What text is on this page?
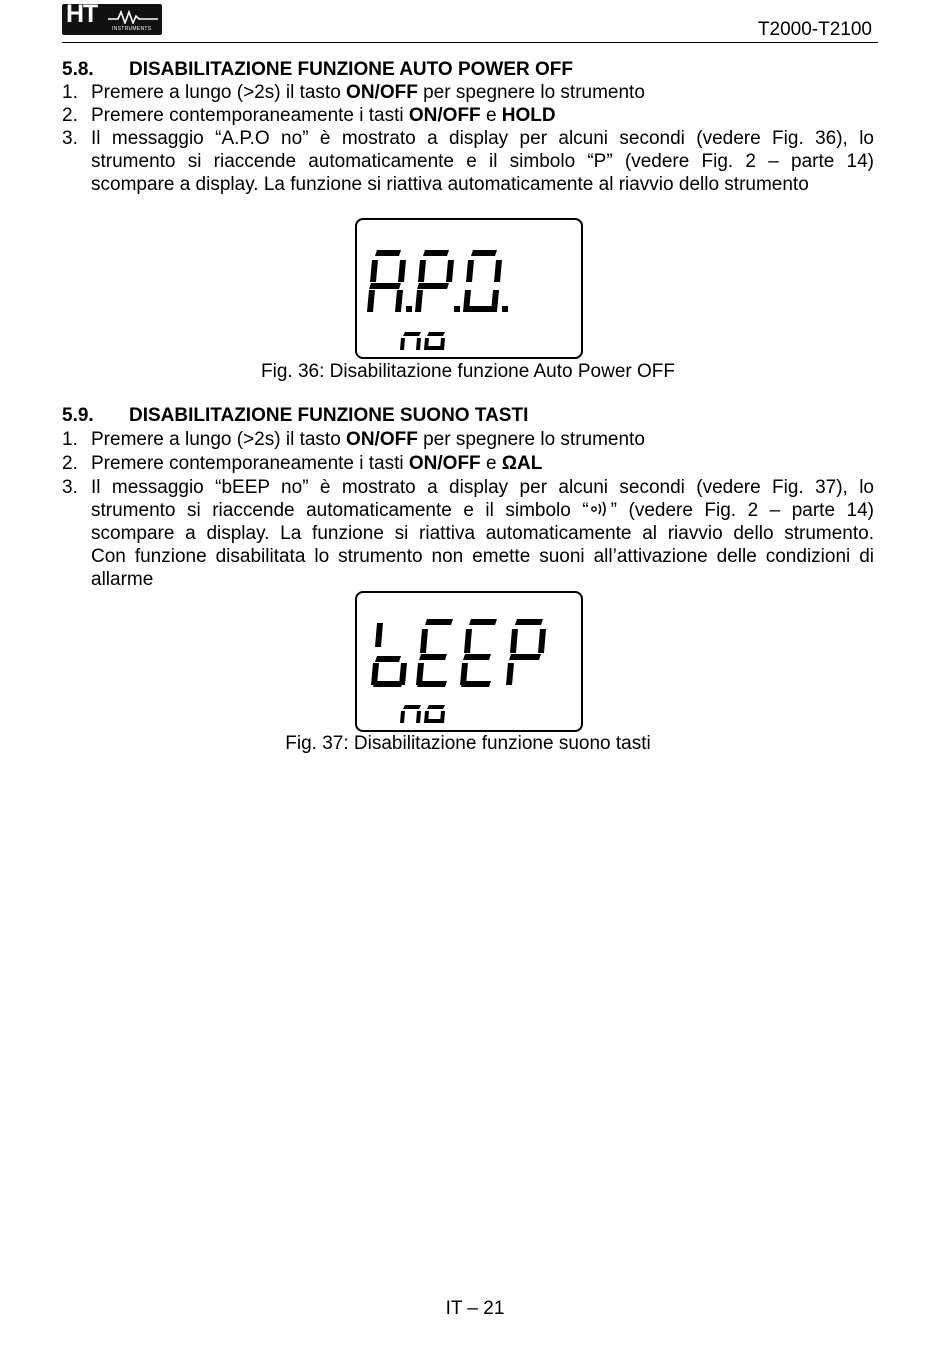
HT
INSTRUMENTS	T2000-T2100
5.8. DISABILITAZIONE FUNZIONE AUTO POWER OFF
1. Premere a lungo (>2s) il tasto ON/OFF per spegnere lo strumento
2. Premere contemporaneamente i tasti ON/OFF e HOLD
3. Il messaggio “A.P.O no” è mostrato a display per alcuni secondi (vedere Fig. 36), lo
strumento si riaccende automaticamente e il simbolo “P” (vedere Fig. 2 – parte 14)
scompare a display. La funzione si riattiva automaticamente al riavvio dello strumento
Fig. 36: Disabilitazione funzione Auto Power OFF
5.9. DISABILITAZIONE FUNZIONE SUONO TASTI
1. Premere a lungo (>2s) il tasto ON/OFF per spegnere lo strumento
2. Premere contemporaneamente i tasti ON/OFF e ΩAL
3. Il messaggio “bEEP no” è mostrato a display per alcuni secondi (vedere Fig. 37), lo
strumento si riaccende automaticamente e il simbolo “ ” (vedere Fig. 2 – parte 14)
scompare a display. La funzione si riattiva automaticamente al riavvio dello strumento.
Con funzione disabilitata lo strumento non emette suoni all’attivazione delle condizioni di
allarme
Fig. 37: Disabilitazione funzione suono tasti
IT – 21
